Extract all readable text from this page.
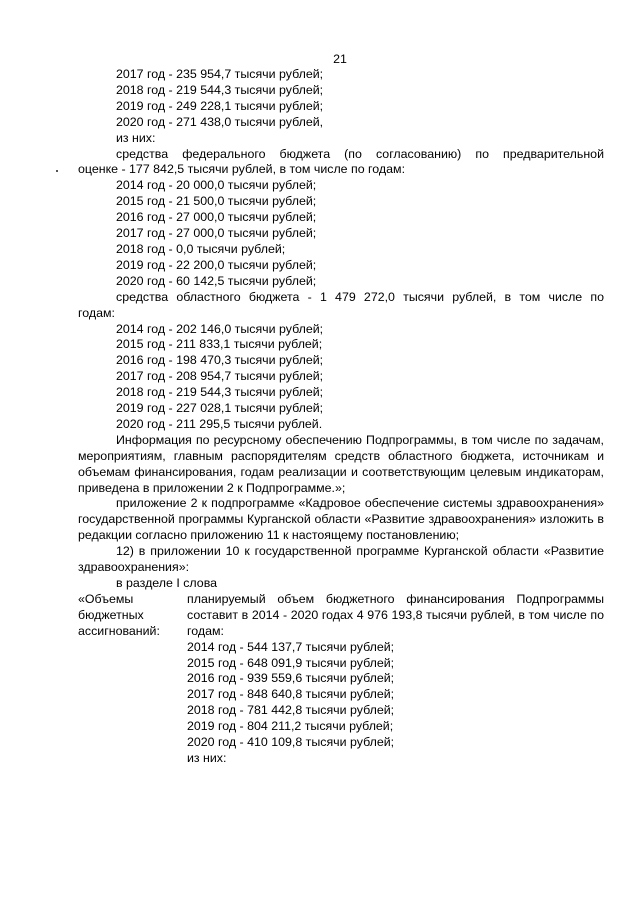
21
2017 год - 235 954,7 тысячи рублей;
2018 год - 219 544,3 тысячи рублей;
2019 год - 249 228,1 тысячи рублей;
2020 год - 271 438,0 тысячи рублей,
из них:
средства федерального бюджета (по согласованию) по предварительной
оценке - 177 842,5 тысячи рублей, в том числе по годам:
2014 год - 20 000,0 тысячи рублей;
2015 год - 21 500,0 тысячи рублей;
2016 год - 27 000,0 тысячи рублей;
2017 год - 27 000,0 тысячи рублей;
2018 год - 0,0 тысячи рублей;
2019 год - 22 200,0 тысячи рублей;
2020 год - 60 142,5 тысячи рублей;
средства областного бюджета - 1 479 272,0 тысячи рублей, в том числе по
годам:
2014 год - 202 146,0 тысячи рублей;
2015 год - 211 833,1 тысячи рублей;
2016 год - 198 470,3 тысячи рублей;
2017 год - 208 954,7 тысячи рублей;
2018 год - 219 544,3 тысячи рублей;
2019 год - 227 028,1 тысячи рублей;
2020 год - 211 295,5 тысячи рублей.
Информация по ресурсному обеспечению Подпрограммы, в том числе по задачам, мероприятиям, главным распорядителям средств областного бюджета, источникам и объемам финансирования, годам реализации и соответствующим целевым индикаторам, приведена в приложении 2 к Подпрограмме.»;
приложение 2 к подпрограмме «Кадровое обеспечение системы здравоохранения» государственной программы Курганской области «Развитие здравоохранения» изложить в редакции согласно приложению 11 к настоящему постановлению;
12) в приложении 10 к государственной программе Курганской области «Развитие здравоохранения»:
в разделе I слова
«Объемы бюджетных ассигнований:
планируемый объем бюджетного финансирования Подпрограммы составит в 2014 - 2020 годах 4 976 193,8 тысячи рублей, в том числе по годам:
2014 год - 544 137,7 тысячи рублей;
2015 год - 648 091,9 тысячи рублей;
2016 год - 939 559,6 тысячи рублей;
2017 год - 848 640,8 тысячи рублей;
2018 год - 781 442,8 тысячи рублей;
2019 год - 804 211,2 тысячи рублей;
2020 год - 410 109,8 тысячи рублей;
из них:
